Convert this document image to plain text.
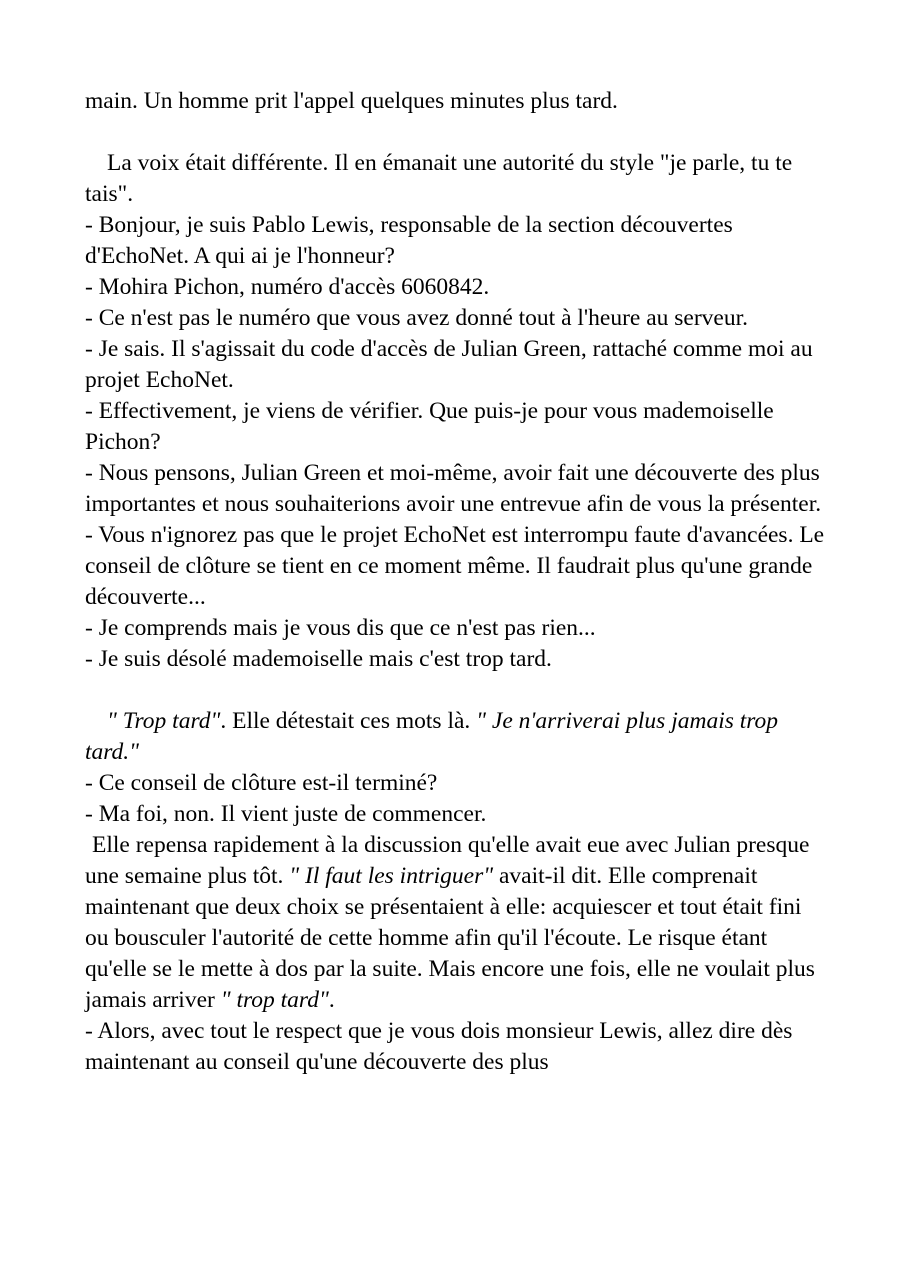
main. Un homme prit l'appel quelques minutes plus tard.

La voix était différente. Il en émanait une autorité du style "je parle, tu te tais".

- Bonjour, je suis Pablo Lewis, responsable de la section découvertes d'EchoNet. A qui ai je l'honneur?

- Mohira Pichon, numéro d'accès 6060842.

- Ce n'est pas le numéro que vous avez donné tout à l'heure au serveur.

- Je sais. Il s'agissait du code d'accès de Julian Green, rattaché comme moi au projet EchoNet.

- Effectivement, je viens de vérifier. Que puis-je pour vous mademoiselle Pichon?

- Nous pensons, Julian Green et moi-même, avoir fait une découverte des plus importantes et nous souhaiterions avoir une entrevue afin de vous la présenter.

- Vous n'ignorez pas que le projet EchoNet est interrompu faute d'avancées. Le conseil de clôture se tient en ce moment même. Il faudrait plus qu'une grande découverte...

- Je comprends mais je vous dis que ce n'est pas rien...

- Je suis désolé mademoiselle mais c'est trop tard.

" Trop tard". Elle détestait ces mots là. " Je n'arriverai plus jamais trop tard."

- Ce conseil de clôture est-il terminé?

- Ma foi, non. Il vient juste de commencer.

Elle repensa rapidement à la discussion qu'elle avait eue avec Julian presque une semaine plus tôt. " Il faut les intriguer" avait-il dit. Elle comprenait maintenant que deux choix se présentaient à elle: acquiescer et tout était fini ou bousculer l'autorité de cette homme afin qu'il l'écoute. Le risque étant qu'elle se le mette à dos par la suite. Mais encore une fois, elle ne voulait plus jamais arriver " trop tard".

- Alors, avec tout le respect que je vous dois monsieur Lewis, allez dire dès maintenant au conseil qu'une découverte des plus
